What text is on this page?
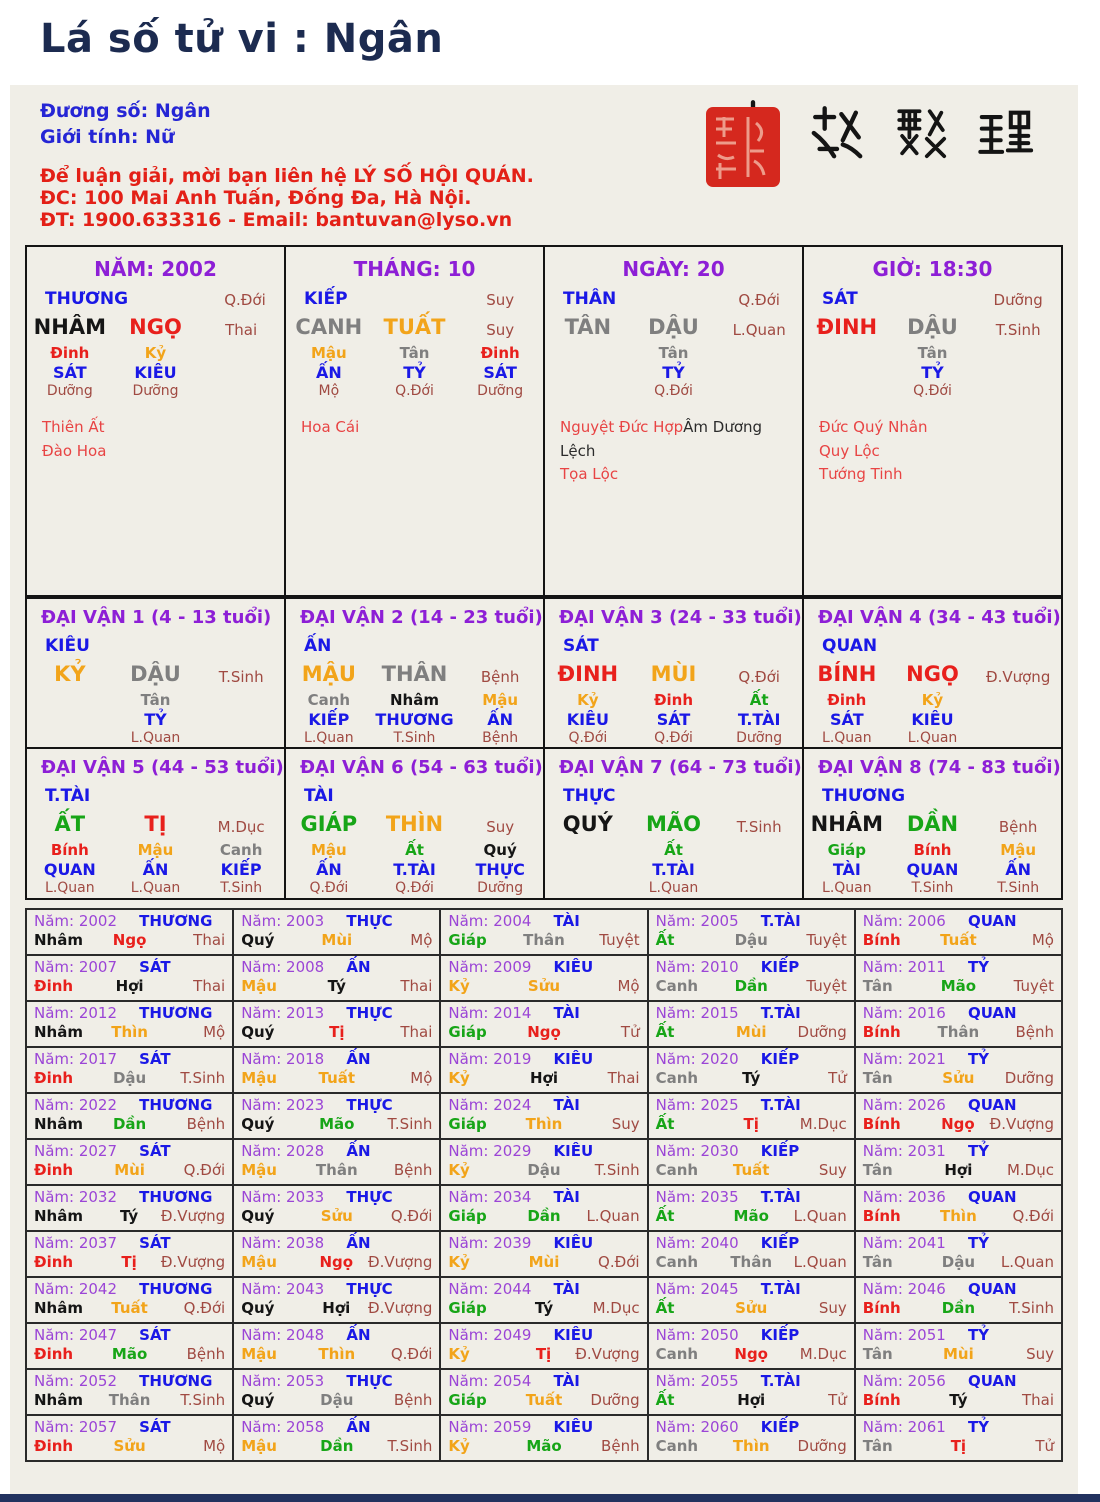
Lá số tử vi : Ngân
Đương số: Ngân
Giới tính: Nữ
Để luận giải, mời bạn liên hệ LÝ SỐ HỘI QUÁN.
ĐC: 100 Mai Anh Tuấn, Đống Đa, Hà Nội.
ĐT: 1900.633316 - Email: bantuvan@lyso.vn
NĂM: 2002
THƯƠNG	Q.Đới
NHÂM	NGỌ	Thai
Đinh
SÁT
Dưỡng
Kỷ
KIÊU
Dưỡng
Thiên Ất
Đào Hoa
THÁNG: 10
KIẾP	Suy
CANH	TUẤT	Suy
Mậu
ẤN
Mộ
Tân
TỶ
Q.Đới
Đinh
SÁT
Dưỡng
Hoa Cái
NGÀY: 20
THÂN	Q.Đới
TÂN	DẬU	L.Quan
Tân
TỶ
Q.Đới
Nguyệt Đức HợpÂm Dương Lệch
Tọa Lộc
GIỜ: 18:30
SÁT	Dưỡng
ĐINH	DẬU	T.Sinh
Tân
TỶ
Q.Đới
Đức Quý Nhân
Quy Lộc
Tướng Tinh
ĐẠI VẬN 1 (4 - 13 tuổi)
KIÊU
KỶ	DẬU	T.Sinh
Tân
TỶ
L.Quan
ĐẠI VẬN 2 (14 - 23 tuổi)
ẤN
MẬU	THÂN	Bệnh
Canh
KIẾP
L.Quan
Nhâm
THƯƠNG
T.Sinh
Mậu
ẤN
Bệnh
ĐẠI VẬN 3 (24 - 33 tuổi)
SÁT
ĐINH	MÙI	Q.Đới
Kỷ
KIÊU
Q.Đới
Đinh
SÁT
Q.Đới
Ất
T.TÀI
Dưỡng
ĐẠI VẬN 4 (34 - 43 tuổi)
QUAN
BÍNH	NGỌ	Đ.Vượng
Đinh
SÁT
L.Quan
Kỷ
KIÊU
L.Quan
ĐẠI VẬN 5 (44 - 53 tuổi)
T.TÀI
ẤT	TỊ	M.Dục
Bính
QUAN
L.Quan
Mậu
ẤN
L.Quan
Canh
KIẾP
T.Sinh
ĐẠI VẬN 6 (54 - 63 tuổi)
TÀI
GIÁP	THÌN	Suy
Mậu
ẤN
Q.Đới
Ất
T.TÀI
Q.Đới
Quý
THỰC
Dưỡng
ĐẠI VẬN 7 (64 - 73 tuổi)
THỰC
QUÝ	MÃO	T.Sinh
Ất
T.TÀI
L.Quan
ĐẠI VẬN 8 (74 - 83 tuổi)
THƯƠNG
NHÂM	DẦN	Bệnh
Giáp
TÀI
L.Quan
Bính
QUAN
T.Sinh
Mậu
ẤN
T.Sinh
Năm: 2002	THƯƠNG
Nhâm	Ngọ	Thai
Năm: 2003	THỰC
Quý	Mùi	Mộ
Năm: 2004	TÀI
Giáp	Thân	Tuyệt
Năm: 2005	T.TÀI
Ất	Dậu	Tuyệt
Năm: 2006	QUAN
Bính	Tuất	Mộ
Năm: 2007	SÁT
Đinh	Hợi	Thai
Năm: 2008	ẤN
Mậu	Tý	Thai
Năm: 2009	KIÊU
Kỷ	Sửu	Mộ
Năm: 2010	KIẾP
Canh	Dần	Tuyệt
Năm: 2011	TỶ
Tân	Mão	Tuyệt
Năm: 2012	THƯƠNG
Nhâm	Thìn	Mộ
Năm: 2013	THỰC
Quý	Tị	Thai
Năm: 2014	TÀI
Giáp	Ngọ	Tử
Năm: 2015	T.TÀI
Ất	Mùi	Dưỡng
Năm: 2016	QUAN
Bính	Thân	Bệnh
Năm: 2017	SÁT
Đinh	Dậu	T.Sinh
Năm: 2018	ẤN
Mậu	Tuất	Mộ
Năm: 2019	KIÊU
Kỷ	Hợi	Thai
Năm: 2020	KIẾP
Canh	Tý	Tử
Năm: 2021	TỶ
Tân	Sửu	Dưỡng
Năm: 2022	THƯƠNG
Nhâm	Dần	Bệnh
Năm: 2023	THỰC
Quý	Mão	T.Sinh
Năm: 2024	TÀI
Giáp	Thìn	Suy
Năm: 2025	T.TÀI
Ất	Tị	M.Dục
Năm: 2026	QUAN
Bính	Ngọ Đ.Vượng
Năm: 2027	SÁT
Đinh	Mùi	Q.Đới
Năm: 2028	ẤN
Mậu	Thân	Bệnh
Năm: 2029	KIÊU
Kỷ	Dậu	T.Sinh
Năm: 2030	KIẾP
Canh	Tuất	Suy
Năm: 2031	TỶ
Tân	Hợi	M.Dục
Năm: 2032	THƯƠNG
Nhâm	Tý	Đ.Vượng
Năm: 2033	THỰC
Quý	Sửu	Q.Đới
Năm: 2034	TÀI
Giáp	Dần	L.Quan
Năm: 2035	T.TÀI
Ất	Mão	L.Quan
Năm: 2036	QUAN
Bính	Thìn	Q.Đới
Năm: 2037	SÁT
Đinh	Tị	Đ.Vượng
Năm: 2038	ẤN
Mậu	Ngọ Đ.Vượng
Năm: 2039	KIÊU
Kỷ	Mùi	Q.Đới
Năm: 2040	KIẾP
Canh	Thân	L.Quan
Năm: 2041	TỶ
Tân	Dậu	L.Quan
Năm: 2042	THƯƠNG
Nhâm	Tuất	Q.Đới
Năm: 2043	THỰC
Quý	Hợi	Đ.Vượng
Năm: 2044	TÀI
Giáp	Tý	M.Dục
Năm: 2045	T.TÀI
Ất	Sửu	Suy
Năm: 2046	QUAN
Bính	Dần	T.Sinh
Năm: 2047	SÁT
Đinh	Mão	Bệnh
Năm: 2048	ẤN
Mậu	Thìn	Q.Đới
Năm: 2049	KIÊU
Kỷ	Tị	Đ.Vượng
Năm: 2050	KIẾP
Canh	Ngọ	M.Dục
Năm: 2051	TỶ
Tân	Mùi	Suy
Năm: 2052	THƯƠNG
Nhâm	Thân	T.Sinh
Năm: 2053	THỰC
Quý	Dậu	Bệnh
Năm: 2054	TÀI
Giáp	Tuất	Dưỡng
Năm: 2055	T.TÀI
Ất	Hợi	Tử
Năm: 2056	QUAN
Bính	Tý	Thai
Năm: 2057	SÁT
Đinh	Sửu	Mộ
Năm: 2058	ẤN
Mậu	Dần	T.Sinh
Năm: 2059	KIÊU
Kỷ	Mão	Bệnh
Năm: 2060	KIẾP
Canh	Thìn	Dưỡng
Năm: 2061	TỶ
Tân	Tị	Tử
